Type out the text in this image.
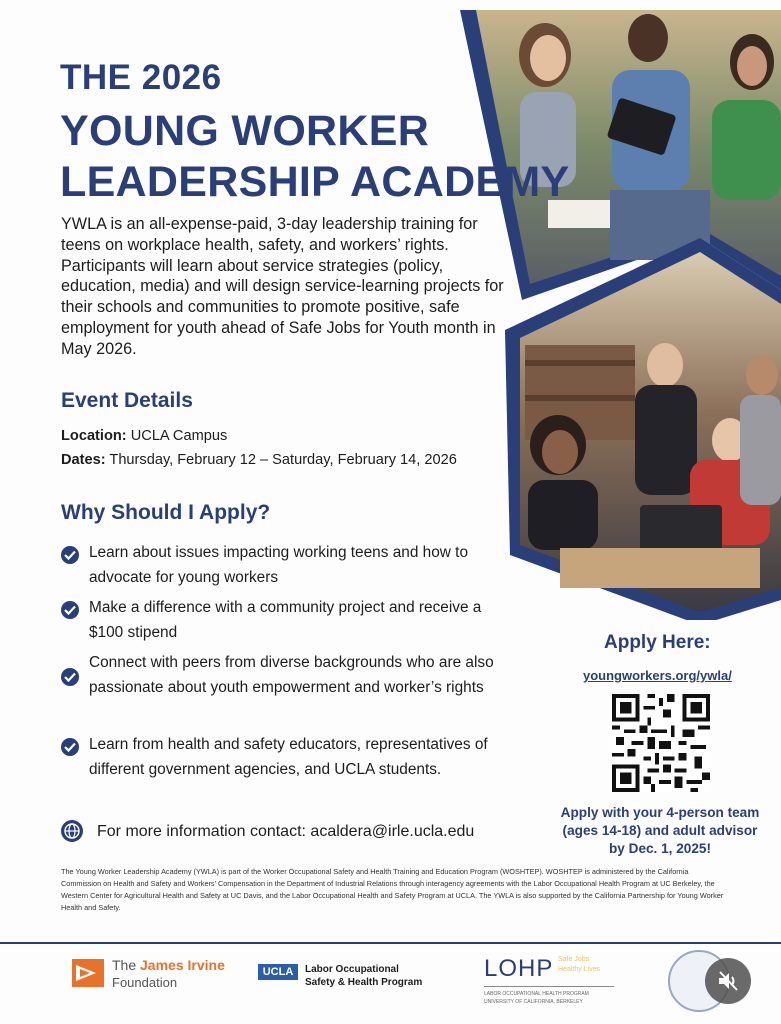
THE 2026
YOUNG WORKER
LEADERSHIP ACADEMY
YWLA is an all-expense-paid, 3-day leadership training for teens on workplace health, safety, and workers’ rights. Participants will learn about service strategies (policy, education, media) and will design service-learning projects for their schools and communities to promote positive, safe employment for youth ahead of Safe Jobs for Youth month in May 2026.
Event Details
Location: UCLA Campus
Dates: Thursday, February 12 – Saturday, February 14, 2026
Why Should I Apply?
Learn about issues impacting working teens and how to advocate for young workers
Make a difference with a community project and receive a $100 stipend
Connect with peers from diverse backgrounds who are also passionate about youth empowerment and worker’s rights
Learn from health and safety educators, representatives of different government agencies, and UCLA students.
For more information contact: acaldera@irle.ucla.edu
Apply Here:
youngworkers.org/ywla/
Apply with your 4-person team (ages 14-18) and adult advisor by Dec. 1, 2025!
The Young Worker Leadership Academy (YWLA) is part of the Worker Occupational Safety and Health Training and Education Program (WOSHTEP). WOSHTEP is administered by the California Commission on Health and Safety and Workers’ Compensation in the Department of Industrial Relations through interagency agreements with the Labor Occupational Health Program at UC Berkeley, the Western Center for Agricultural Health and Safety at UC Davis, and the Labor Occupational Health and Safety Program at UCLA. The YWLA is also supported by the California Partnership for Young Worker Health and Safety.
The James Irvine
Foundation
UCLA	Labor Occupational
Safety & Health Program
LOHP Safe Jobs
Healthy Lives
LABOR OCCUPATIONAL HEALTH PROGRAM
UNIVERSITY OF CALIFORNIA, BERKELEY
